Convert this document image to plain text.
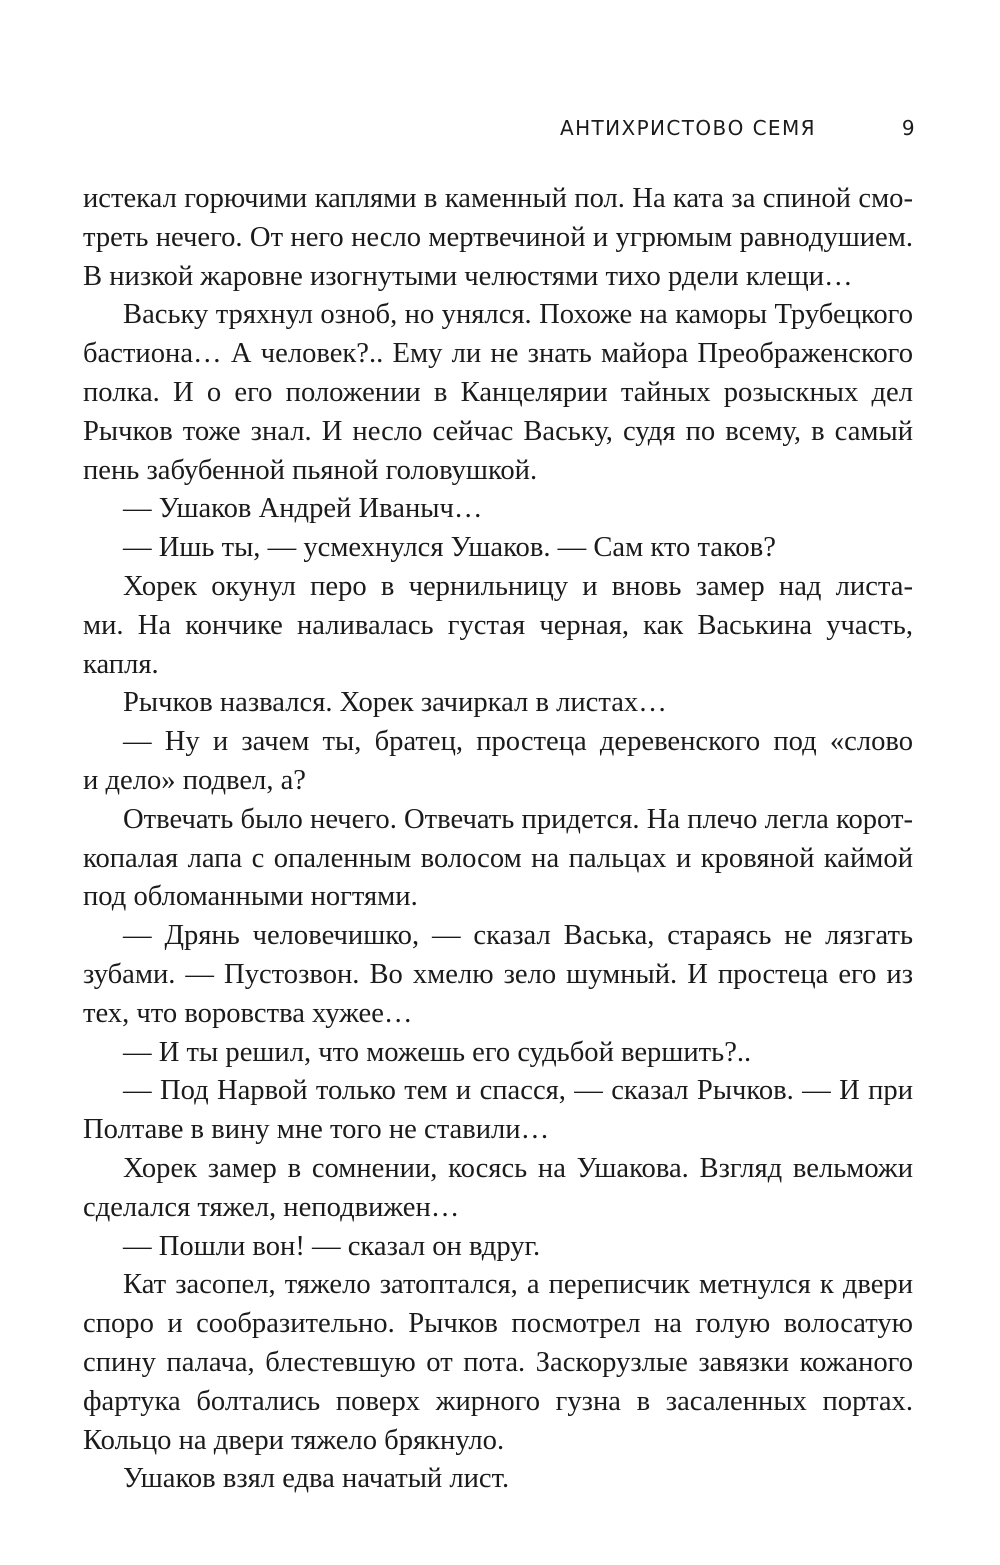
АНТИХРИСТОВО СЕМЯ	9
истекал горючими каплями в каменный пол. На ката за спиной смо-
треть нечего. От него несло мертвечиной и угрюмым равнодушием.
В низкой жаровне изогнутыми челюстями тихо рдели клещи…
Ваську тряхнул озноб, но унялся. Похоже на каморы Трубецкого
бастиона… А человек?.. Ему ли не знать майора Преображенского
полка. И о его положении в Канцелярии тайных розыскных дел
Рычков тоже знал. И несло сейчас Ваську, судя по всему, в самый
пень забубенной пьяной головушкой.
— Ушаков Андрей Иваныч…
— Ишь ты, — усмехнулся Ушаков. — Сам кто таков?
Хорек окунул перо в чернильницу и вновь замер над листа-
ми. На кончике наливалась густая черная, как Васькина участь,
капля.
Рычков назвался. Хорек зачиркал в листах…
— Ну и зачем ты, братец, простеца деревенского под «слово
и дело» подвел, а?
Отвечать было нечего. Отвечать придется. На плечо легла корот-
копалая лапа с опаленным волосом на пальцах и кровяной каймой
под обломанными ногтями.
— Дрянь человечишко, — сказал Васька, стараясь не лязгать
зубами. — Пустозвон. Во хмелю зело шумный. И простеца его из
тех, что воровства хужее…
— И ты решил, что можешь его судьбой вершить?..
— Под Нарвой только тем и спасся, — сказал Рычков. — И при
Полтаве в вину мне того не ставили…
Хорек замер в сомнении, косясь на Ушакова. Взгляд вельможи
сделался тяжел, неподвижен…
— Пошли вон! — сказал он вдруг.
Кат засопел, тяжело затоптался, а переписчик метнулся к двери
споро и сообразительно. Рычков посмотрел на голую волосатую
спину палача, блестевшую от пота. Заскорузлые завязки кожаного
фартука болтались поверх жирного гузна в засаленных портах.
Кольцо на двери тяжело брякнуло.
Ушаков взял едва начатый лист.
